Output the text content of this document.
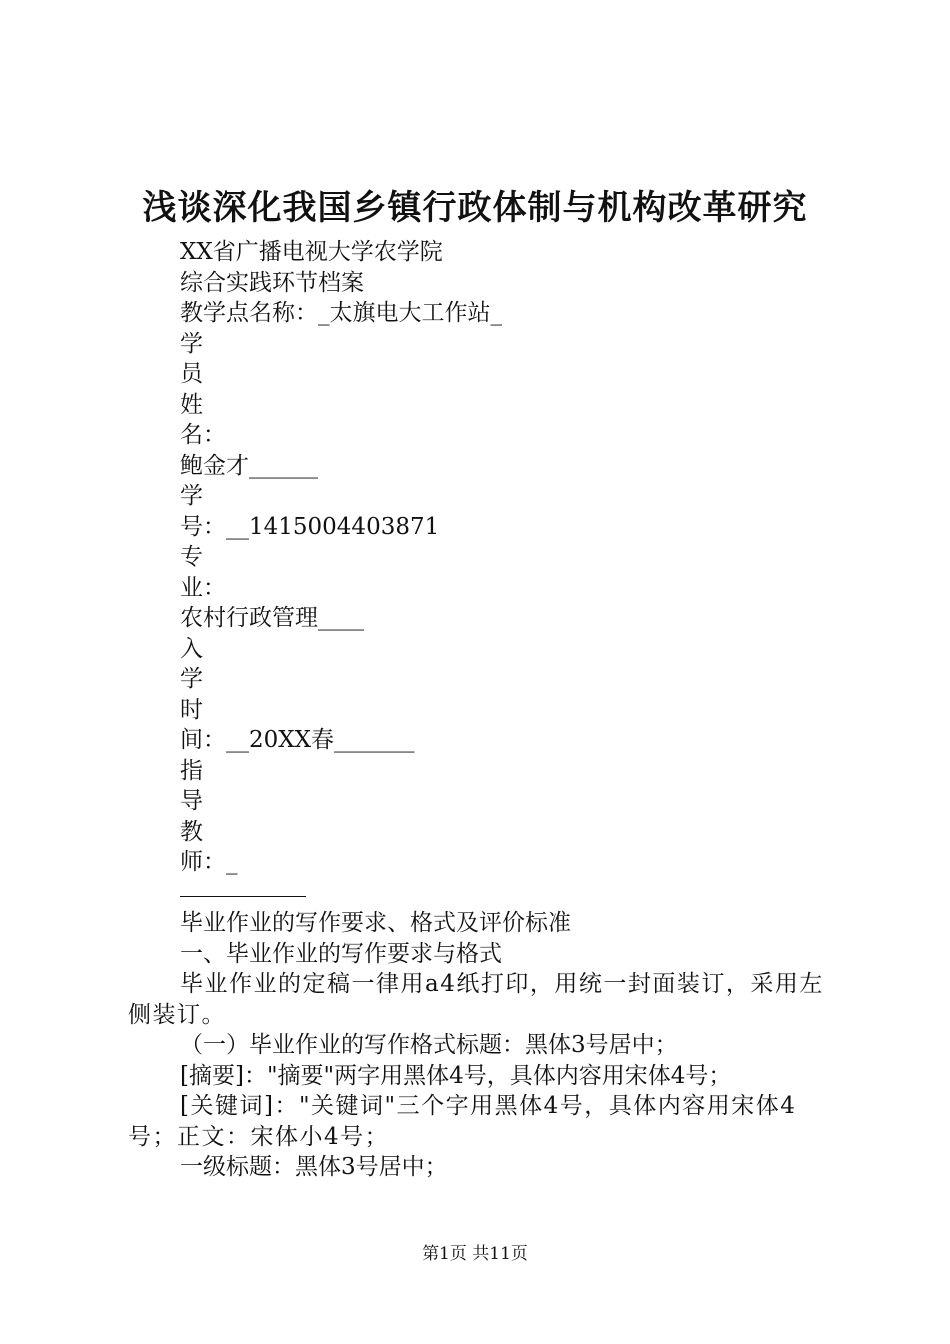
浅谈深化我国乡镇行政体制与机构改革研究
XX省广播电视大学农学院
综合实践环节档案
教学点名称：_太旗电大工作站_
学
员
姓
名：
鲍金才______
学
号：__1415004403871
专
业：
农村行政管理____
入
学
时
间：__20XX春_______
指
导
教
师：_
毕业作业的写作要求、格式及评价标准
一、毕业作业的写作要求与格式
毕业作业的定稿一律用a4纸打印，用统一封面装订，采用左侧装订。
（一）毕业作业的写作格式标题：黑体3号居中；
[摘要]："摘要"两字用黑体4号，具体内容用宋体4号；
[关键词]："关键词"三个字用黑体4号，具体内容用宋体4号；正文：宋体小4号；
一级标题：黑体3号居中；
第1页 共11页
